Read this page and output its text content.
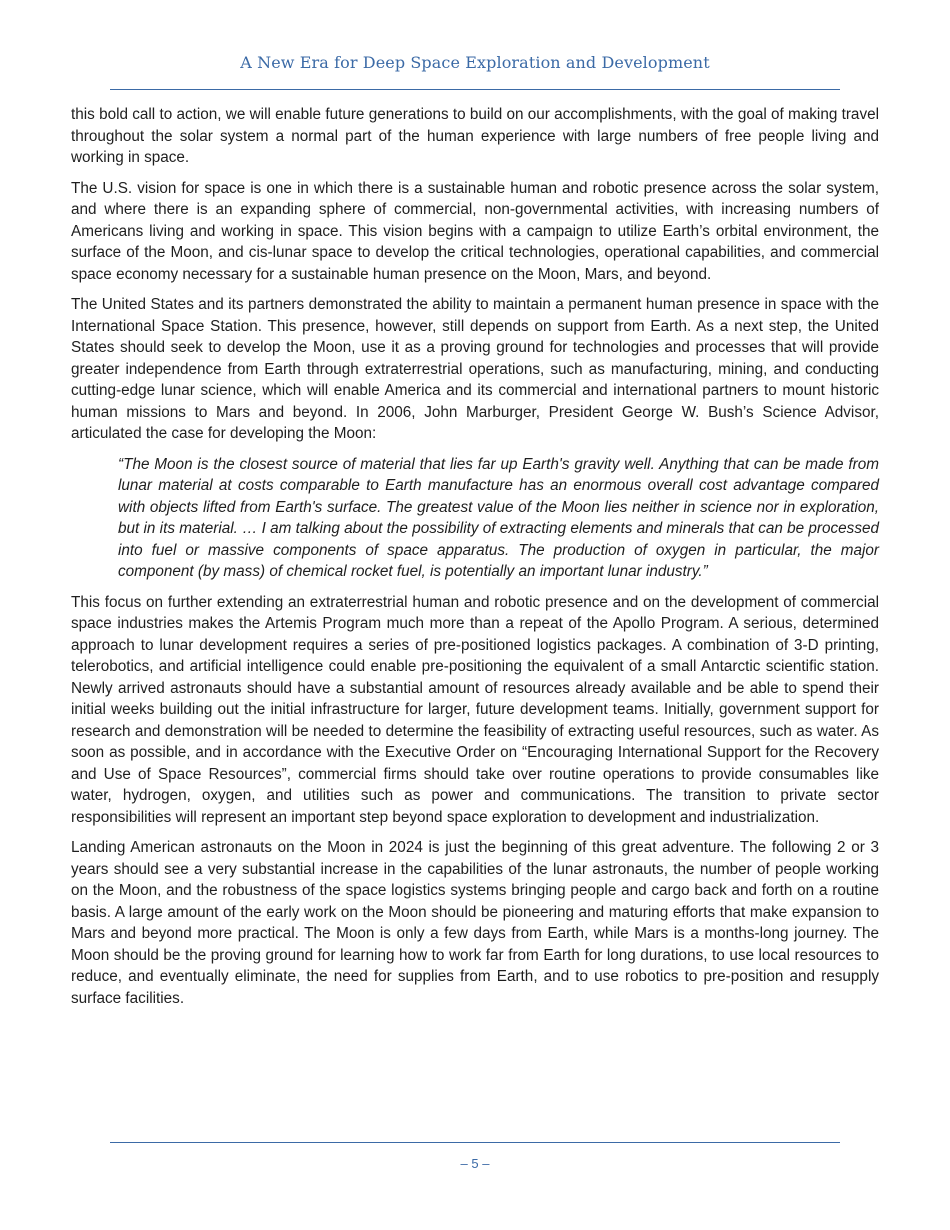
A New Era for Deep Space Exploration and Development

this bold call to action, we will enable future generations to build on our accomplishments, with the goal of making travel throughout the solar system a normal part of the human experience with large numbers of free people living and working in space.

The U.S. vision for space is one in which there is a sustainable human and robotic presence across the solar system, and where there is an expanding sphere of commercial, non-governmental activities, with increasing numbers of Americans living and working in space. This vision begins with a campaign to utilize Earth’s orbital environment, the surface of the Moon, and cis-lunar space to develop the critical technologies, operational capabilities, and commercial space economy necessary for a sustainable human presence on the Moon, Mars, and beyond.

The United States and its partners demonstrated the ability to maintain a permanent human presence in space with the International Space Station. This presence, however, still depends on support from Earth. As a next step, the United States should seek to develop the Moon, use it as a proving ground for technologies and processes that will provide greater independence from Earth through extraterrestrial operations, such as manufacturing, mining, and conducting cutting-edge lunar science, which will enable America and its commercial and international partners to mount historic human missions to Mars and beyond. In 2006, John Marburger, President George W. Bush’s Science Advisor, articulated the case for developing the Moon:

“The Moon is the closest source of material that lies far up Earth's gravity well. Anything that can be made from lunar material at costs comparable to Earth manufacture has an enormous overall cost advantage compared with objects lifted from Earth's surface. The greatest value of the Moon lies neither in science nor in exploration, but in its material. … I am talking about the possibility of extracting elements and minerals that can be processed into fuel or massive components of space apparatus. The production of oxygen in particular, the major component (by mass) of chemical rocket fuel, is potentially an important lunar industry.”

This focus on further extending an extraterrestrial human and robotic presence and on the development of commercial space industries makes the Artemis Program much more than a repeat of the Apollo Program. A serious, determined approach to lunar development requires a series of pre-positioned logistics packages. A combination of 3-D printing, telerobotics, and artificial intelligence could enable pre-positioning the equivalent of a small Antarctic scientific station. Newly arrived astronauts should have a substantial amount of resources already available and be able to spend their initial weeks building out the initial infrastructure for larger, future development teams. Initially, government support for research and demonstration will be needed to determine the feasibility of extracting useful resources, such as water. As soon as possible, and in accordance with the Executive Order on “Encouraging International Support for the Recovery and Use of Space Resources”, commercial firms should take over routine operations to provide consumables like water, hydrogen, oxygen, and utilities such as power and communications. The transition to private sector responsibilities will represent an important step beyond space exploration to development and industrialization.

Landing American astronauts on the Moon in 2024 is just the beginning of this great adventure. The following 2 or 3 years should see a very substantial increase in the capabilities of the lunar astronauts, the number of people working on the Moon, and the robustness of the space logistics systems bringing people and cargo back and forth on a routine basis. A large amount of the early work on the Moon should be pioneering and maturing efforts that make expansion to Mars and beyond more practical. The Moon is only a few days from Earth, while Mars is a months-long journey. The Moon should be the proving ground for learning how to work far from Earth for long durations, to use local resources to reduce, and eventually eliminate, the need for supplies from Earth, and to use robotics to pre-position and resupply surface facilities.

– 5 –
